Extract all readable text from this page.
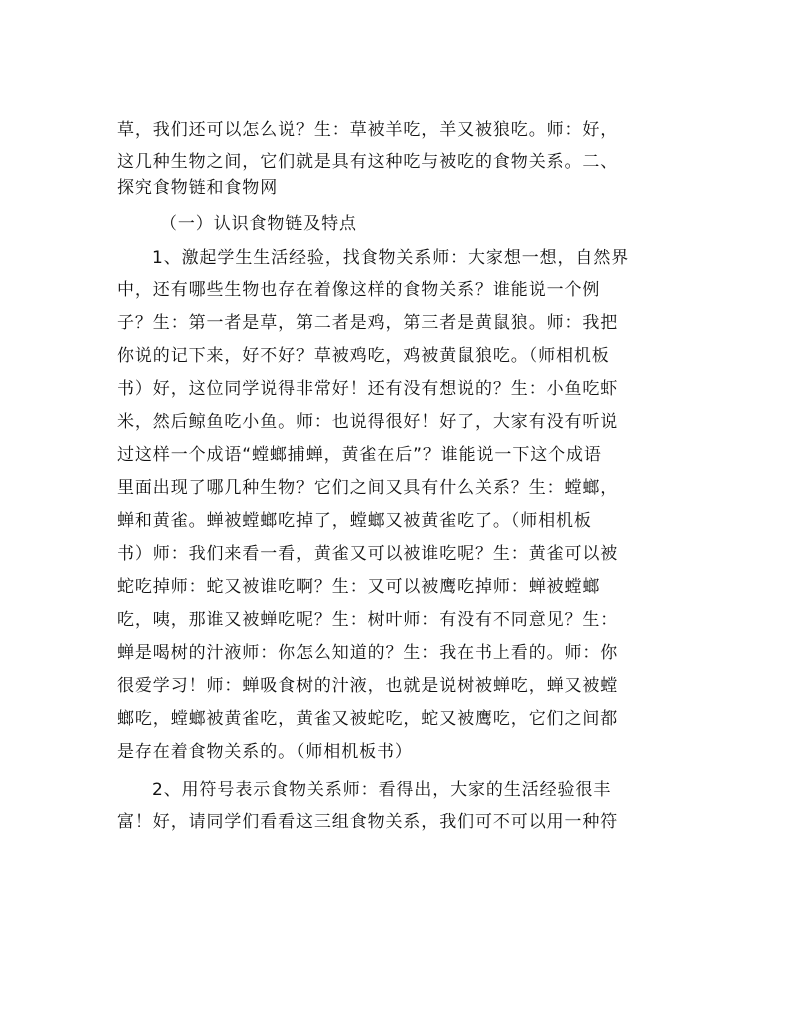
草，我们还可以怎么说？生：草被羊吃，羊又被狼吃。师：好，
这几种生物之间，它们就是具有这种吃与被吃的食物关系。二、
探究食物链和食物网
（一）认识食物链及特点
1、激起学生生活经验，找食物关系师：大家想一想，自然界
中，还有哪些生物也存在着像这样的食物关系？谁能说一个例
子？生：第一者是草，第二者是鸡，第三者是黄鼠狼。师：我把
你说的记下来，好不好？草被鸡吃，鸡被黄鼠狼吃。（师相机板
书）好，这位同学说得非常好！还有没有想说的？生：小鱼吃虾
米，然后鲸鱼吃小鱼。师：也说得很好！好了，大家有没有听说
过这样一个成语“螳螂捕蝉，黄雀在后”？谁能说一下这个成语
里面出现了哪几种生物？它们之间又具有什么关系？生：螳螂，
蝉和黄雀。蝉被螳螂吃掉了，螳螂又被黄雀吃了。（师相机板
书）师：我们来看一看，黄雀又可以被谁吃呢？生：黄雀可以被
蛇吃掉师：蛇又被谁吃啊？生：又可以被鹰吃掉师：蝉被螳螂
吃，咦，那谁又被蝉吃呢？生：树叶师：有没有不同意见？生：
蝉是喝树的汁液师：你怎么知道的？生：我在书上看的。师：你
很爱学习！师：蝉吸食树的汁液，也就是说树被蝉吃，蝉又被螳
螂吃，螳螂被黄雀吃，黄雀又被蛇吃，蛇又被鹰吃，它们之间都
是存在着食物关系的。（师相机板书）
2、用符号表示食物关系师：看得出，大家的生活经验很丰
富！好，请同学们看看这三组食物关系，我们可不可以用一种符
